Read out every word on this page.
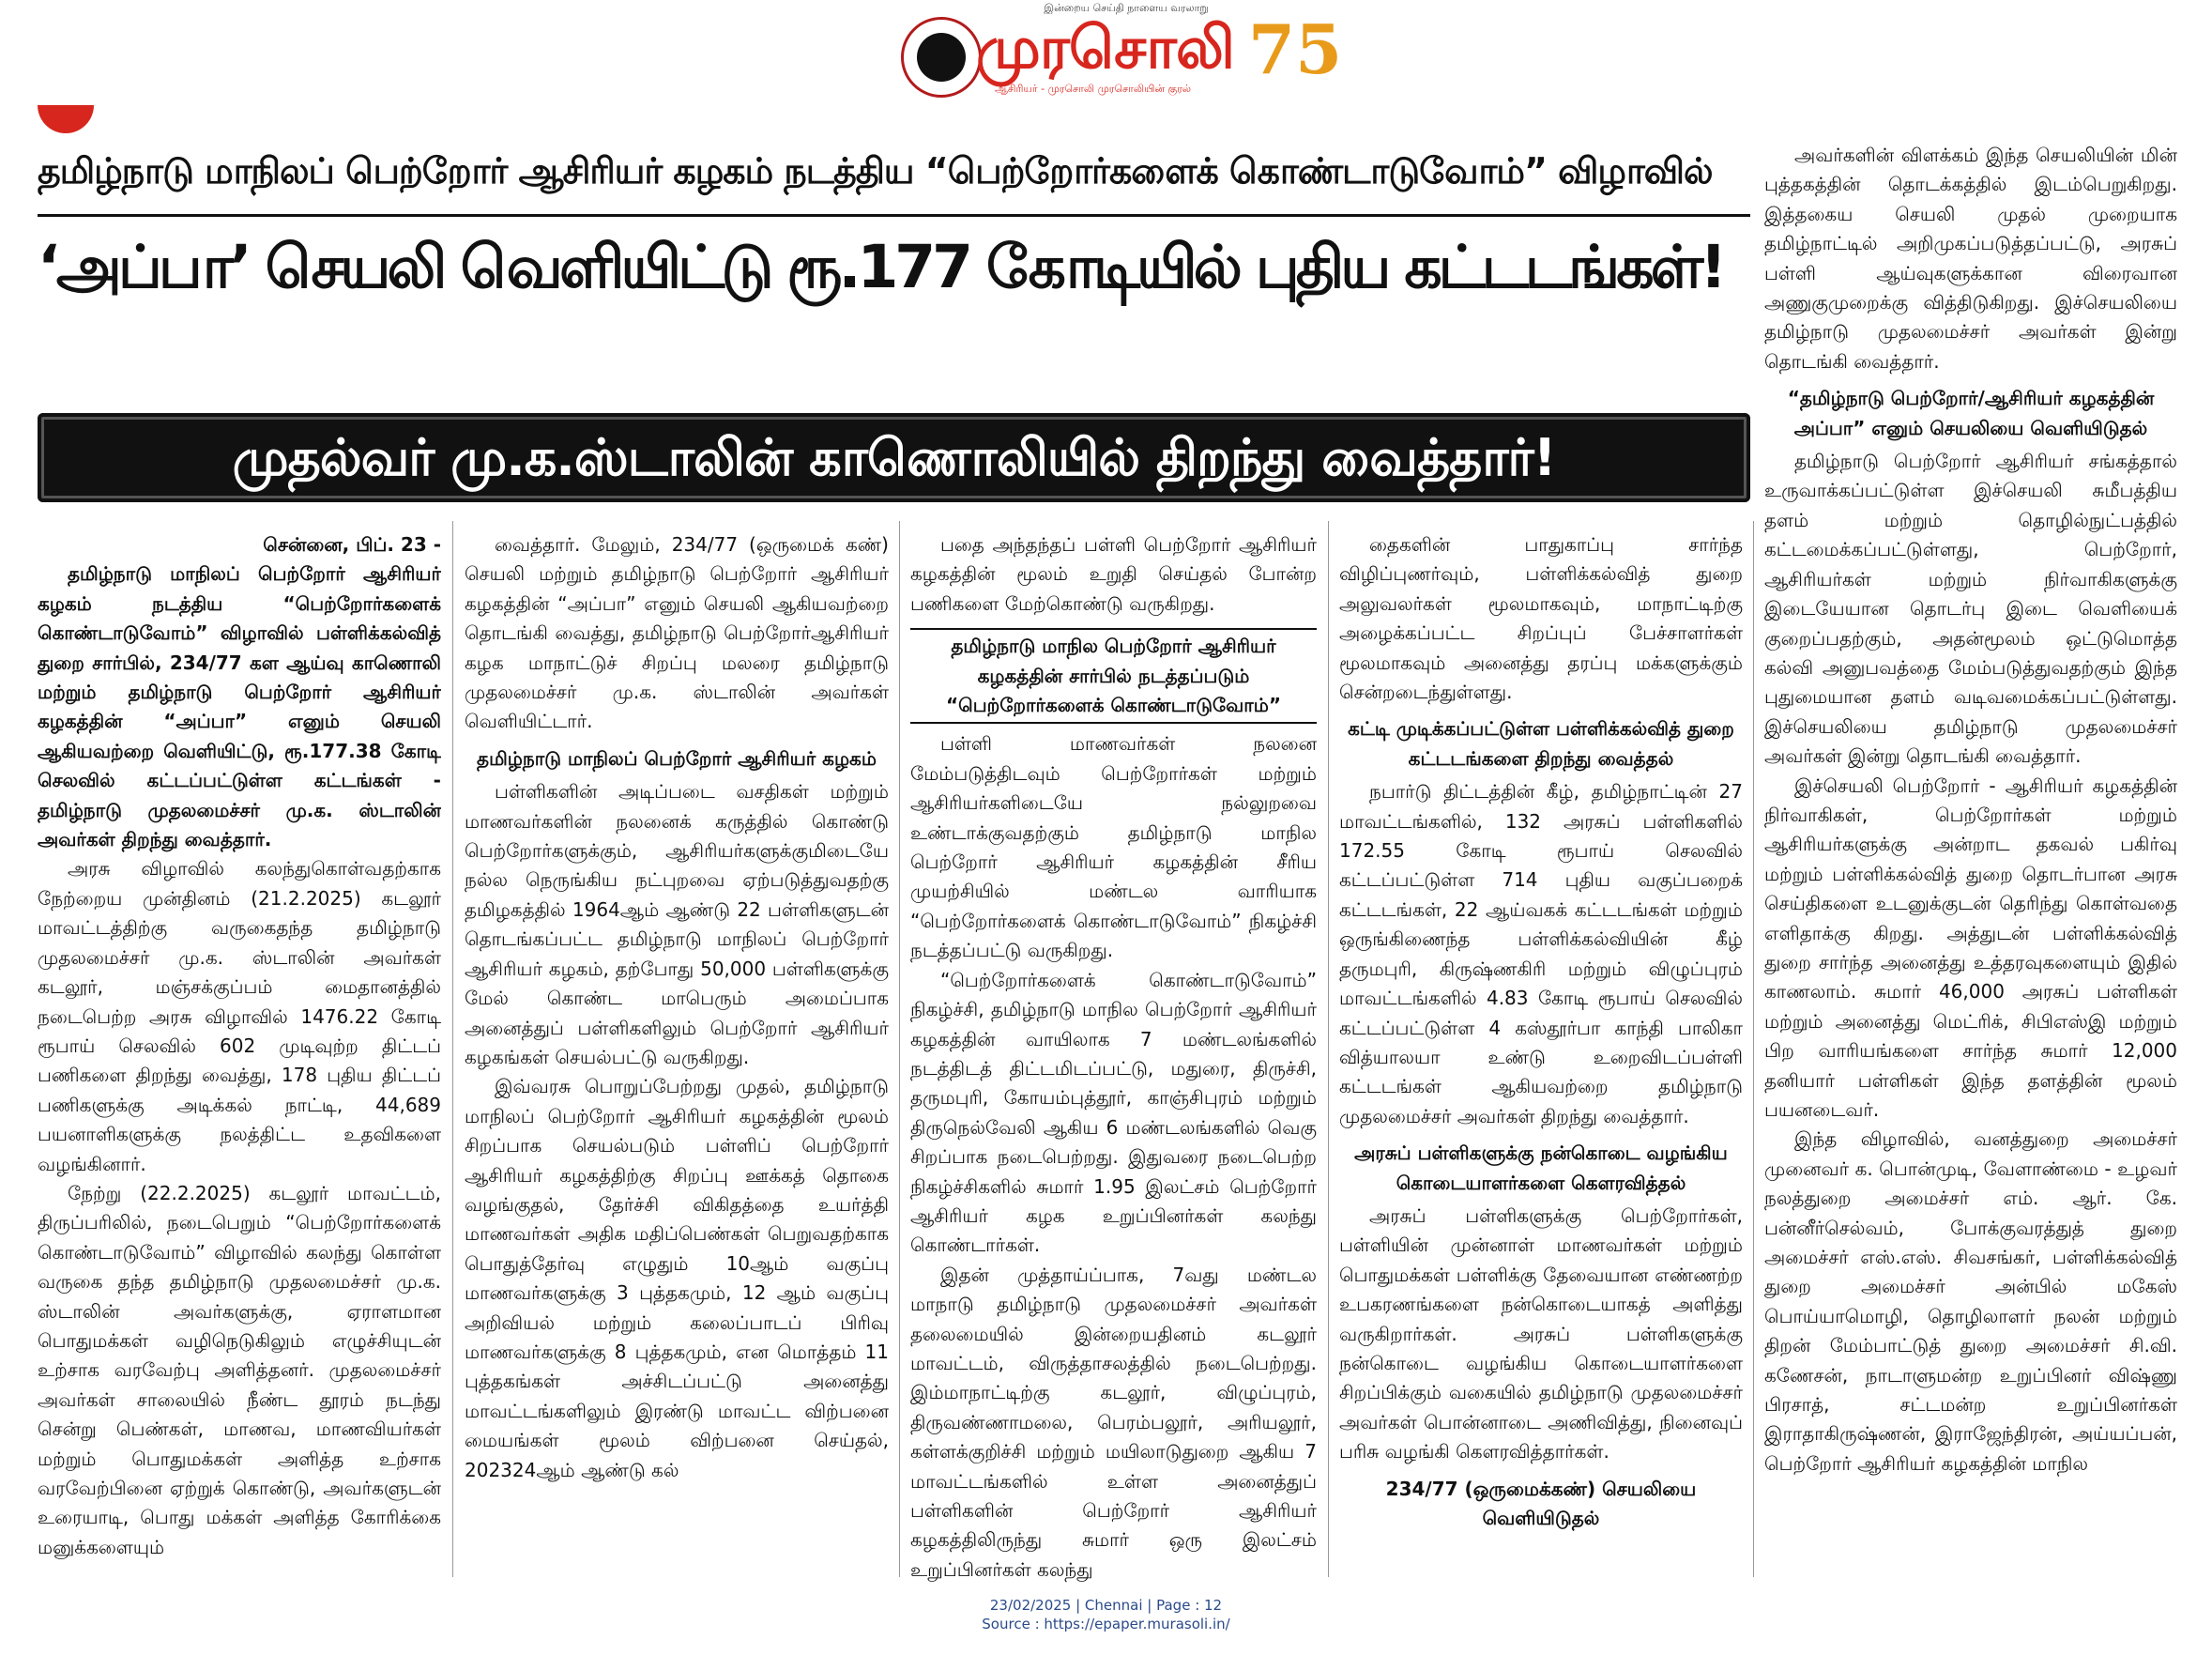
இன்றைய செய்தி நாளைய வரலாறு
முரசொலி
ஆசிரியர் - முரசொலி முரசொலியின் குரல் 75
தமிழ்நாடு மாநிலப் பெற்றோர் ஆசிரியர் கழகம் நடத்திய “பெற்றோர்களைக் கொண்டாடுவோம்” விழாவில்
‘அப்பா’ செயலி வெளியிட்டு ரூ.177 கோடியில் புதிய கட்டடங்கள்!
முதல்வர் மு.க.ஸ்டாலின் காணொலியில் திறந்து வைத்தார்!

சென்னை, பிப். 23 -

தமிழ்நாடு மாநிலப் பெற்றோர் ஆசிரியர் கழகம் நடத்திய “பெற்றோர்களைக் கொண்டாடுவோம்” விழாவில் பள்ளிக்கல்வித் துறை சார்பில், 234/77 கள ஆய்வு காணொலி மற்றும் தமிழ்நாடு பெற்றோர் ஆசிரியர் கழகத்தின் “அப்பா” எனும் செயலி ஆகியவற்றை வெளியிட்டு, ரூ.177.38 கோடி செலவில் கட்டப்பட்டுள்ள கட்டங்கள் - தமிழ்நாடு முதலமைச்சர் மு.க. ஸ்டாலின் அவர்கள் திறந்து வைத்தார்.

அரசு விழாவில் கலந்துகொள்வதற்காக நேற்றைய முன்தினம் (21.2.2025) கடலூர் மாவட்டத்திற்கு வருகைதந்த தமிழ்நாடு முதலமைச்சர் மு.க. ஸ்டாலின் அவர்கள் கடலூர், மஞ்சக்குப்பம் மைதானத்தில் நடைபெற்ற அரசு விழாவில் 1476.22 கோடி ரூபாய் செலவில் 602 முடிவுற்ற திட்டப் பணிகளை திறந்து வைத்து, 178 புதிய திட்டப் பணிகளுக்கு அடிக்கல் நாட்டி, 44,689 பயனாளிகளுக்கு நலத்திட்ட உதவிகளை வழங்கினார்.

நேற்று (22.2.2025) கடலூர் மாவட்டம், திருப்பரிலில், நடைபெறும் “பெற்றோர்களைக் கொண்டாடுவோம்” விழாவில் கலந்து கொள்ள வருகை தந்த தமிழ்நாடு முதலமைச்சர் மு.க. ஸ்டாலின் அவர்களுக்கு, ஏராளமான பொதுமக்கள் வழிநெடுகிலும் எழுச்சியுடன் உற்சாக வரவேற்பு அளித்தனர். முதலமைச்சர் அவர்கள் சாலையில் நீண்ட தூரம் நடந்து சென்று பெண்கள், மாணவ, மாணவியர்கள் மற்றும் பொதுமக்கள் அளித்த உற்சாக வரவேற்பினை ஏற்றுக் கொண்டு, அவர்களுடன் உரையாடி, பொது மக்கள் அளித்த கோரிக்கை மனுக்களையும்

வைத்தார். மேலும், 234/77 (ஒருமைக் கண்) செயலி மற்றும் தமிழ்நாடு பெற்றோர் ஆசிரியர் கழகத்தின் “அப்பா” எனும் செயலி ஆகியவற்றை தொடங்கி வைத்து, தமிழ்நாடு பெற்றோர்ஆசிரியர் கழக மாநாட்டுச் சிறப்பு மலரை தமிழ்நாடு முதலமைச்சர் மு.க. ஸ்டாலின் அவர்கள் வெளியிட்டார்.

தமிழ்நாடு மாநிலப் பெற்றோர் ஆசிரியர் கழகம்

பள்ளிகளின் அடிப்படை வசதிகள் மற்றும் மாணவர்களின் நலனைக் கருத்தில் கொண்டு பெற்றோர்களுக்கும், ஆசிரியர்களுக்குமிடையே நல்ல நெருங்கிய நட்புறவை ஏற்படுத்துவதற்கு தமிழகத்தில் 1964ஆம் ஆண்டு 22 பள்ளிகளுடன் தொடங்கப்பட்ட தமிழ்நாடு மாநிலப் பெற்றோர் ஆசிரியர் கழகம், தற்போது 50,000 பள்ளிகளுக்கு மேல் கொண்ட மாபெரும் அமைப்பாக அனைத்துப் பள்ளிகளிலும் பெற்றோர் ஆசிரியர் கழகங்கள் செயல்பட்டு வருகிறது.

இவ்வரசு பொறுப்பேற்றது முதல், தமிழ்நாடு மாநிலப் பெற்றோர் ஆசிரியர் கழகத்தின் மூலம் சிறப்பாக செயல்படும் பள்ளிப் பெற்றோர் ஆசிரியர் கழகத்திற்கு சிறப்பு ஊக்கத் தொகை வழங்குதல், தேர்ச்சி விகிதத்தை உயர்த்தி மாணவர்கள் அதிக மதிப்பெண்கள் பெறுவதற்காக பொதுத்தேர்வு எழுதும் 10ஆம் வகுப்பு மாணவர்களுக்கு 3 புத்தகமும், 12 ஆம் வகுப்பு அறிவியல் மற்றும் கலைப்பாடப் பிரிவு மாணவர்களுக்கு 8 புத்தகமும், என மொத்தம் 11 புத்தகங்கள் அச்சிடப்பட்டு அனைத்து மாவட்டங்களிலும் இரண்டு மாவட்ட விற்பனை மையங்கள் மூலம் விற்பனை செய்தல், 202324ஆம் ஆண்டு கல்

பதை அந்தந்தப் பள்ளி பெற்றோர் ஆசிரியர் கழகத்தின் மூலம் உறுதி செய்தல் போன்ற பணிகளை மேற்கொண்டு வருகிறது.

தமிழ்நாடு மாநில பெற்றோர் ஆசிரியர் கழகத்தின் சார்பில் நடத்தப்படும் “பெற்றோர்களைக் கொண்டாடுவோம்”

பள்ளி மாணவர்கள் நலனை மேம்படுத்திடவும் பெற்றோர்கள் மற்றும் ஆசிரியர்களிடையே நல்லுறவை உண்டாக்குவதற்கும் தமிழ்நாடு மாநில பெற்றோர் ஆசிரியர் கழகத்தின் சீரிய முயற்சியில் மண்டல வாரியாக “பெற்றோர்களைக் கொண்டாடுவோம்” நிகழ்ச்சி நடத்தப்பட்டு வருகிறது.

“பெற்றோர்களைக் கொண்டாடுவோம்” நிகழ்ச்சி, தமிழ்நாடு மாநில பெற்றோர் ஆசிரியர் கழகத்தின் வாயிலாக 7 மண்டலங்களில் நடத்திடத் திட்டமிடப்பட்டு, மதுரை, திருச்சி, தருமபுரி, கோயம்புத்தூர், காஞ்சிபுரம் மற்றும் திருநெல்வேலி ஆகிய 6 மண்டலங்களில் வெகு சிறப்பாக நடைபெற்றது. இதுவரை நடைபெற்ற நிகழ்ச்சிகளில் சுமார் 1.95 இலட்சம் பெற்றோர் ஆசிரியர் கழக உறுப்பினர்கள் கலந்து கொண்டார்கள்.

இதன் முத்தாய்ப்பாக, 7வது மண்டல மாநாடு தமிழ்நாடு முதலமைச்சர் அவர்கள் தலைமையில் இன்றையதினம் கடலூர் மாவட்டம், விருத்தாசலத்தில் நடைபெற்றது. இம்மாநாட்டிற்கு கடலூர், விழுப்புரம், திருவண்ணாமலை, பெரம்பலூர், அரியலூர், கள்ளக்குறிச்சி மற்றும் மயிலாடுதுறை ஆகிய 7 மாவட்டங்களில் உள்ள அனைத்துப் பள்ளிகளின் பெற்றோர் ஆசிரியர் கழகத்திலிருந்து சுமார் ஒரு இலட்சம் உறுப்பினர்கள் கலந்து

தைகளின் பாதுகாப்பு சார்ந்த விழிப்புணர்வும், பள்ளிக்கல்வித் துறை அலுவலர்கள் மூலமாகவும், மாநாட்டிற்கு அழைக்கப்பட்ட சிறப்புப் பேச்சாளர்கள் மூலமாகவும் அனைத்து தரப்பு மக்களுக்கும் சென்றடைந்துள்ளது.

கட்டி முடிக்கப்பட்டுள்ள பள்ளிக்கல்வித் துறை கட்டடங்களை திறந்து வைத்தல்

நபார்டு திட்டத்தின் கீழ், தமிழ்நாட்டின் 27 மாவட்டங்களில், 132 அரசுப் பள்ளிகளில் 172.55 கோடி ரூபாய் செலவில் கட்டப்பட்டுள்ள 714 புதிய வகுப்பறைக் கட்டடங்கள், 22 ஆய்வகக் கட்டடங்கள் மற்றும் ஒருங்கிணைந்த பள்ளிக்கல்வியின் கீழ் தருமபுரி, கிருஷ்ணகிரி மற்றும் விழுப்புரம் மாவட்டங்களில் 4.83 கோடி ரூபாய் செலவில் கட்டப்பட்டுள்ள 4 கஸ்தூர்பா காந்தி பாலிகா வித்யாலயா உண்டு உறைவிடப்பள்ளி கட்டடங்கள் ஆகியவற்றை தமிழ்நாடு முதலமைச்சர் அவர்கள் திறந்து வைத்தார்.

அரசுப் பள்ளிகளுக்கு நன்கொடை வழங்கிய கொடையாளர்களை கௌரவித்தல்

அரசுப் பள்ளிகளுக்கு பெற்றோர்கள், பள்ளியின் முன்னாள் மாணவர்கள் மற்றும் பொதுமக்கள் பள்ளிக்கு தேவையான எண்ணற்ற உபகரணங்களை நன்கொடையாகத் அளித்து வருகிறார்கள். அரசுப் பள்ளிகளுக்கு நன்கொடை வழங்கிய கொடையாளர்களை சிறப்பிக்கும் வகையில் தமிழ்நாடு முதலமைச்சர் அவர்கள் பொன்னாடை அணிவித்து, நினைவுப் பரிசு வழங்கி கௌரவித்தார்கள்.

234/77 (ஒருமைக்கண்) செயலியை வெளியிடுதல்

அவர்களின் விளக்கம் இந்த செயலியின் மின் புத்தகத்தின் தொடக்கத்தில் இடம்பெறுகிறது. இத்தகைய செயலி முதல் முறையாக தமிழ்நாட்டில் அறிமுகப்படுத்தப்பட்டு, அரசுப் பள்ளி ஆய்வுகளுக்கான விரைவான அணுகுமுறைக்கு வித்திடுகிறது. இச்செயலியை தமிழ்நாடு முதலமைச்சர் அவர்கள் இன்று தொடங்கி வைத்தார்.

“தமிழ்நாடு பெற்றோர்/ஆசிரியர் கழகத்தின் அப்பா” எனும் செயலியை வெளியிடுதல்

தமிழ்நாடு பெற்றோர் ஆசிரியர் சங்கத்தால் உருவாக்கப்பட்டுள்ள இச்செயலி சுமீபத்திய தளம் மற்றும் தொழில்நுட்பத்தில் கட்டமைக்கப்பட்டுள்ளது, பெற்றோர், ஆசிரியர்கள் மற்றும் நிர்வாகிகளுக்கு இடையேயான தொடர்பு இடை வெளியைக் குறைப்பதற்கும், அதன்மூலம் ஒட்டுமொத்த கல்வி அனுபவத்தை மேம்படுத்துவதற்கும் இந்த புதுமையான தளம் வடிவமைக்கப்பட்டுள்ளது. இச்செயலியை தமிழ்நாடு முதலமைச்சர் அவர்கள் இன்று தொடங்கி வைத்தார்.

இச்செயலி பெற்றோர் - ஆசிரியர் கழகத்தின் நிர்வாகிகள், பெற்றோர்கள் மற்றும் ஆசிரியர்களுக்கு அன்றாட தகவல் பகிர்வு மற்றும் பள்ளிக்கல்வித் துறை தொடர்பான அரசு செய்திகளை உடனுக்குடன் தெரிந்து கொள்வதை எளிதாக்கு கிறது. அத்துடன் பள்ளிக்கல்வித் துறை சார்ந்த அனைத்து உத்தரவுகளையும் இதில் காணலாம். சுமார் 46,000 அரசுப் பள்ளிகள் மற்றும் அனைத்து மெட்ரிக், சிபிஎஸ்இ மற்றும் பிற வாரியங்களை சார்ந்த சுமார் 12,000 தனியார் பள்ளிகள் இந்த தளத்தின் மூலம் பயனடைவர்.

இந்த விழாவில், வனத்துறை அமைச்சர் முனைவர் க. பொன்முடி, வேளாண்மை - உழவர் நலத்துறை அமைச்சர் எம். ஆர். கே. பன்னீர்செல்வம், போக்குவரத்துத் துறை அமைச்சர் எஸ்.எஸ். சிவசங்கர், பள்ளிக்கல்வித் துறை அமைச்சர் அன்பில் மகேஸ் பொய்யாமொழி, தொழிலாளர் நலன் மற்றும் திறன் மேம்பாட்டுத் துறை அமைச்சர் சி.வி. கணேசன், நாடாளுமன்ற உறுப்பினர் விஷ்ணு பிரசாத், சட்டமன்ற உறுப்பினர்கள் இராதாகிருஷ்ணன், இராஜேந்திரன், அய்யப்பன், பெற்றோர் ஆசிரியர் கழகத்தின் மாநில

23/02/2025 | Chennai | Page : 12
Source : https://epaper.murasoli.in/
